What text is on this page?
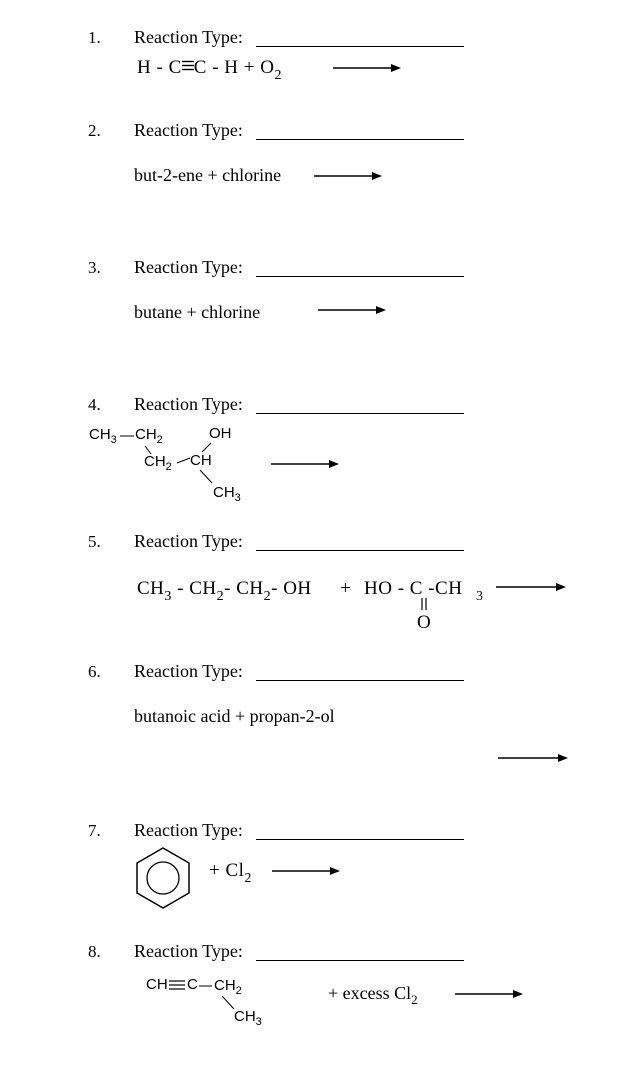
1. Reaction Type:
H - C $C - H + O_2$
2. Reaction Type:
but-2-ene + chlorine
3. Reaction Type:
butane + chlorine
4. Reaction Type:
$CH_3$ $CH_2$	OH
$CH_2$ CH
$CH_3$
5. Reaction Type:
$CH_3 - CH_2-$ $CH_2-$ OH + HO - C -CH 3
O
6. Reaction Type:
butanoic acid + propan-2-ol
7. Reaction Type:
+ $Cl_2$
8. Reaction Type:
CH C $CH_2$
$CH_3$
+ excess $Cl_2$
